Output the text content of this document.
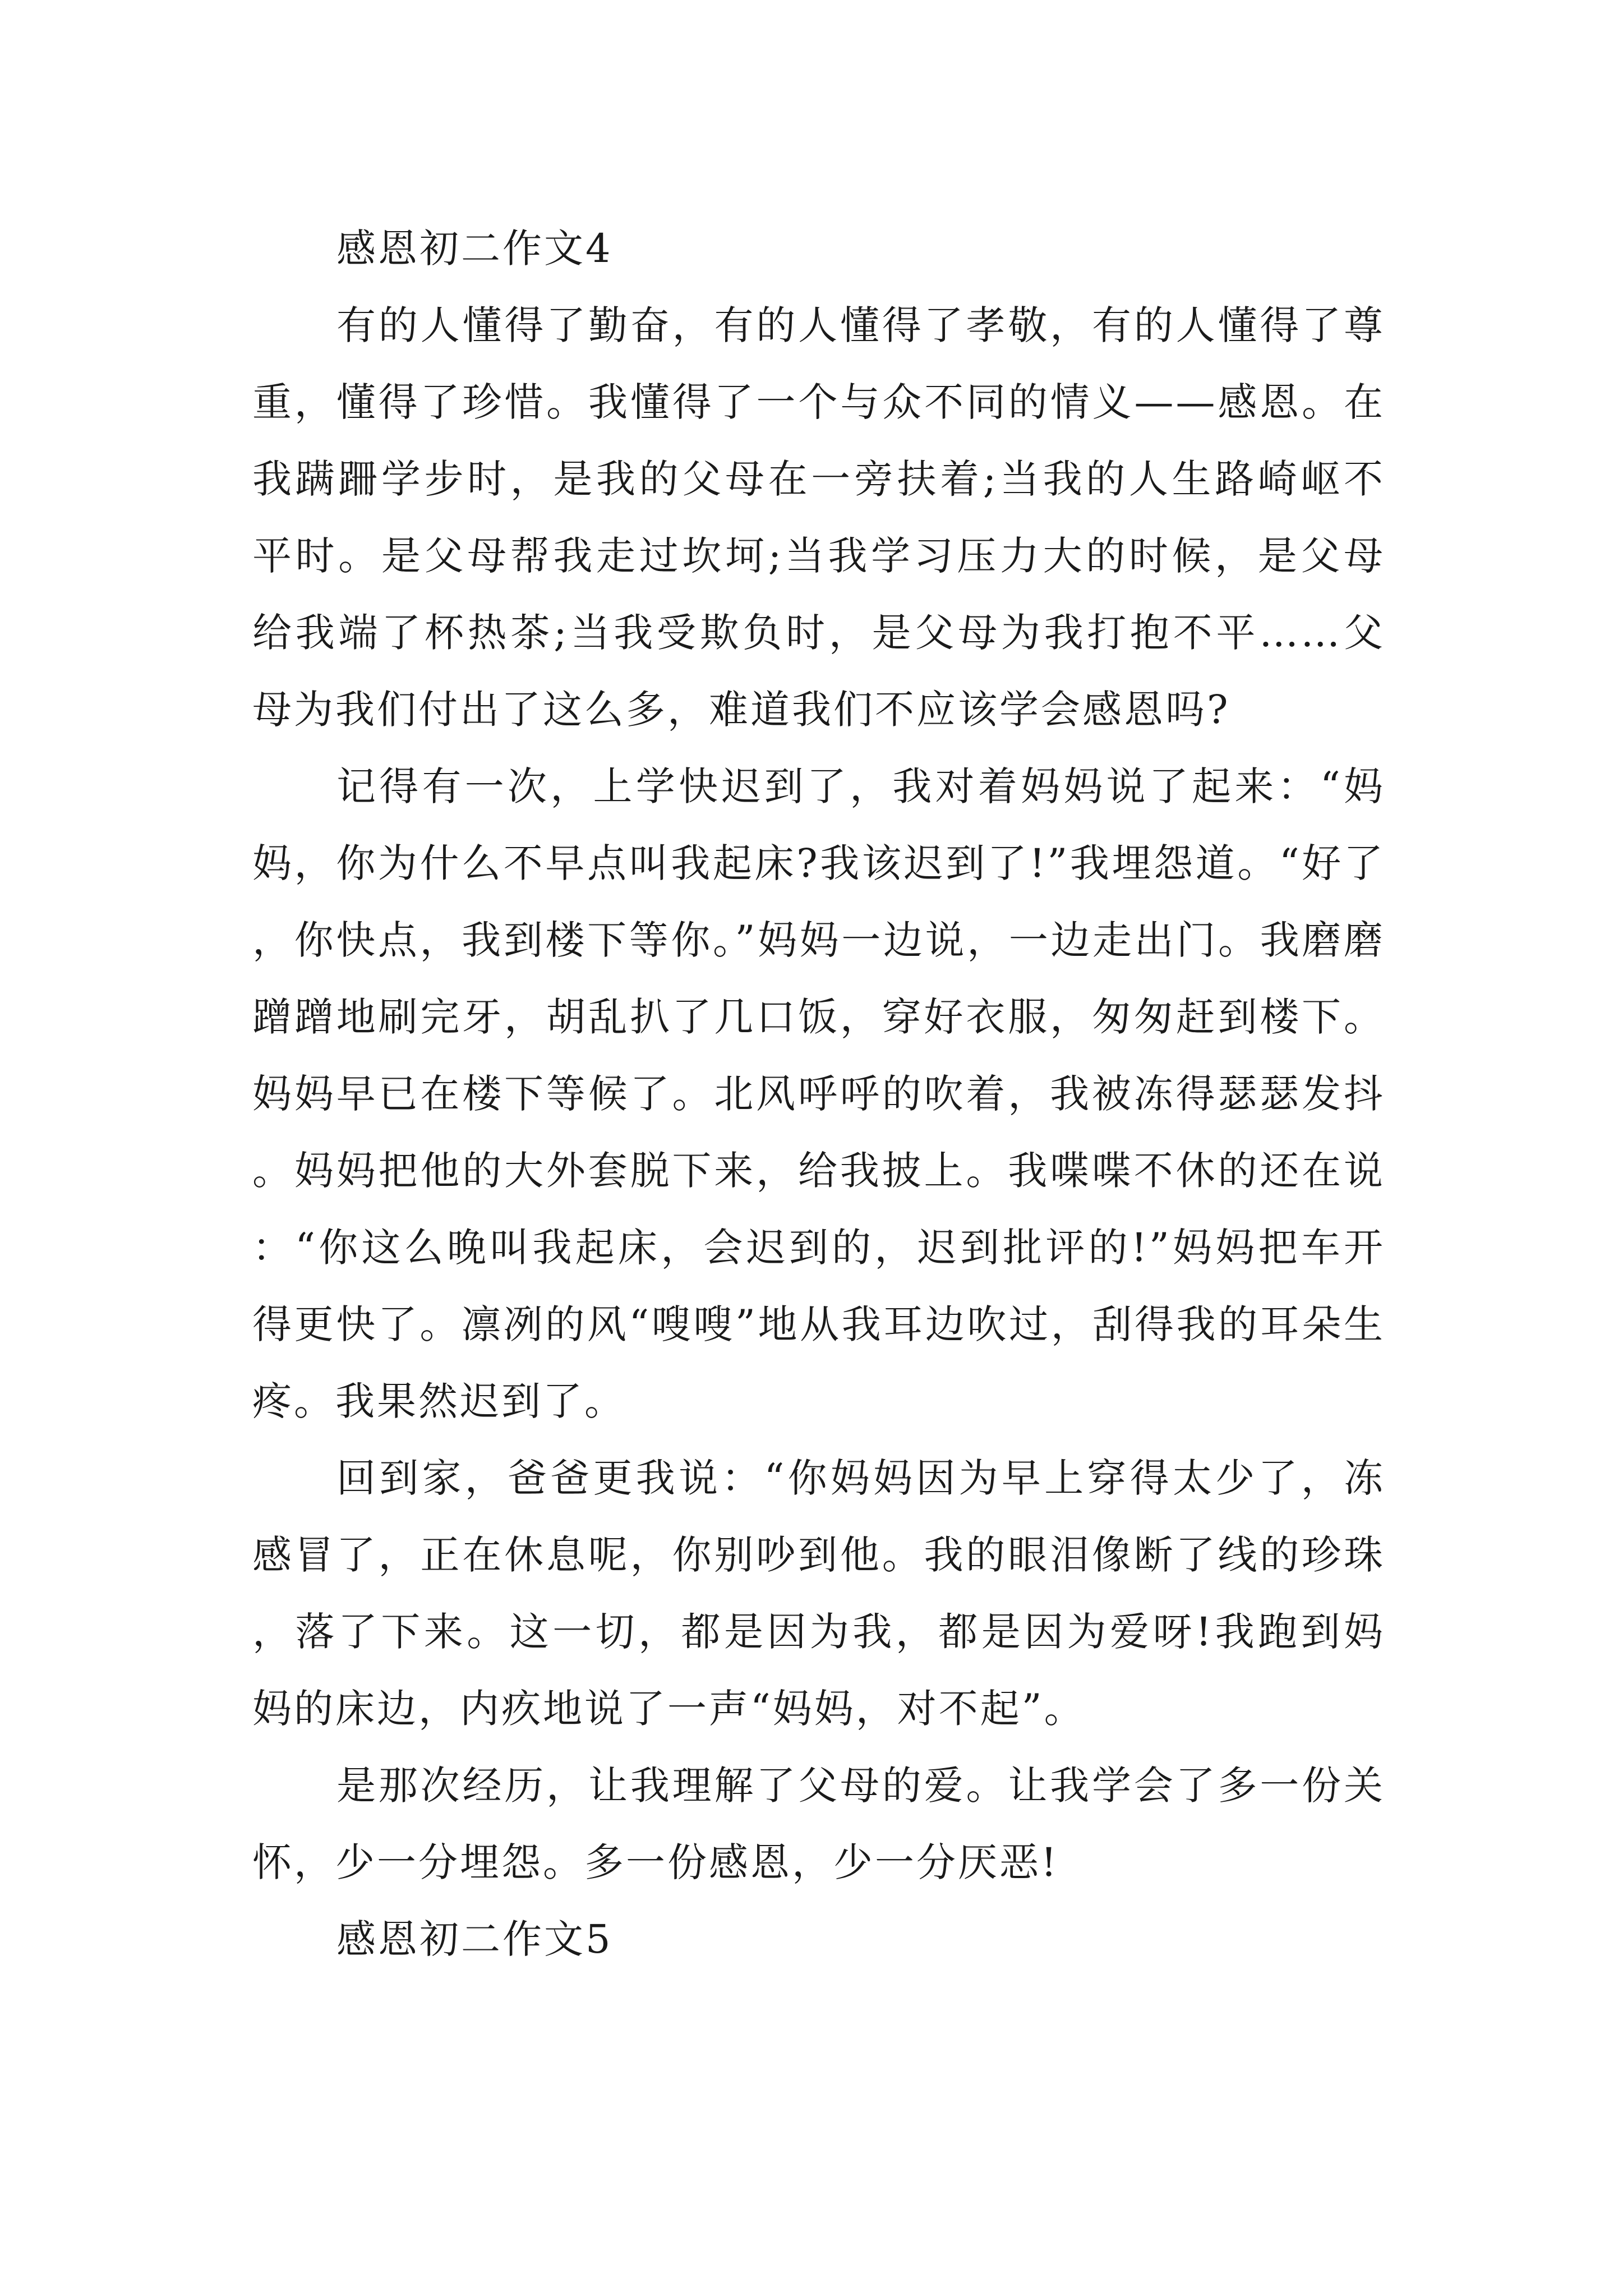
感恩初二作文4

有的人懂得了勤奋，有的人懂得了孝敬，有的人懂得了尊重，懂得了珍惜。我懂得了一个与众不同的情义——感恩。在我蹒跚学步时，是我的父母在一旁扶着;当我的人生路崎岖不平时。是父母帮我走过坎坷;当我学习压力大的时候，是父母给我端了杯热茶;当我受欺负时，是父母为我打抱不平……父母为我们付出了这么多，难道我们不应该学会感恩吗?

记得有一次，上学快迟到了，我对着妈妈说了起来：“妈妈，你为什么不早点叫我起床?我该迟到了!”我埋怨道。“好了，你快点，我到楼下等你。”妈妈一边说，一边走出门。我磨磨蹭蹭地刷完牙，胡乱扒了几口饭，穿好衣服，匆匆赶到楼下。妈妈早已在楼下等候了。北风呼呼的吹着，我被冻得瑟瑟发抖。妈妈把他的大外套脱下来，给我披上。我喋喋不休的还在说：“你这么晚叫我起床，会迟到的，迟到批评的!”妈妈把车开得更快了。凛冽的风“嗖嗖”地从我耳边吹过，刮得我的耳朵生疼。我果然迟到了。

回到家，爸爸更我说：“你妈妈因为早上穿得太少了，冻感冒了，正在休息呢，你别吵到他。我的眼泪像断了线的珍珠，落了下来。这一切，都是因为我，都是因为爱呀!我跑到妈妈的床边，内疚地说了一声“妈妈，对不起”。

是那次经历，让我理解了父母的爱。让我学会了多一份关怀，少一分埋怨。多一份感恩，少一分厌恶!

感恩初二作文5
